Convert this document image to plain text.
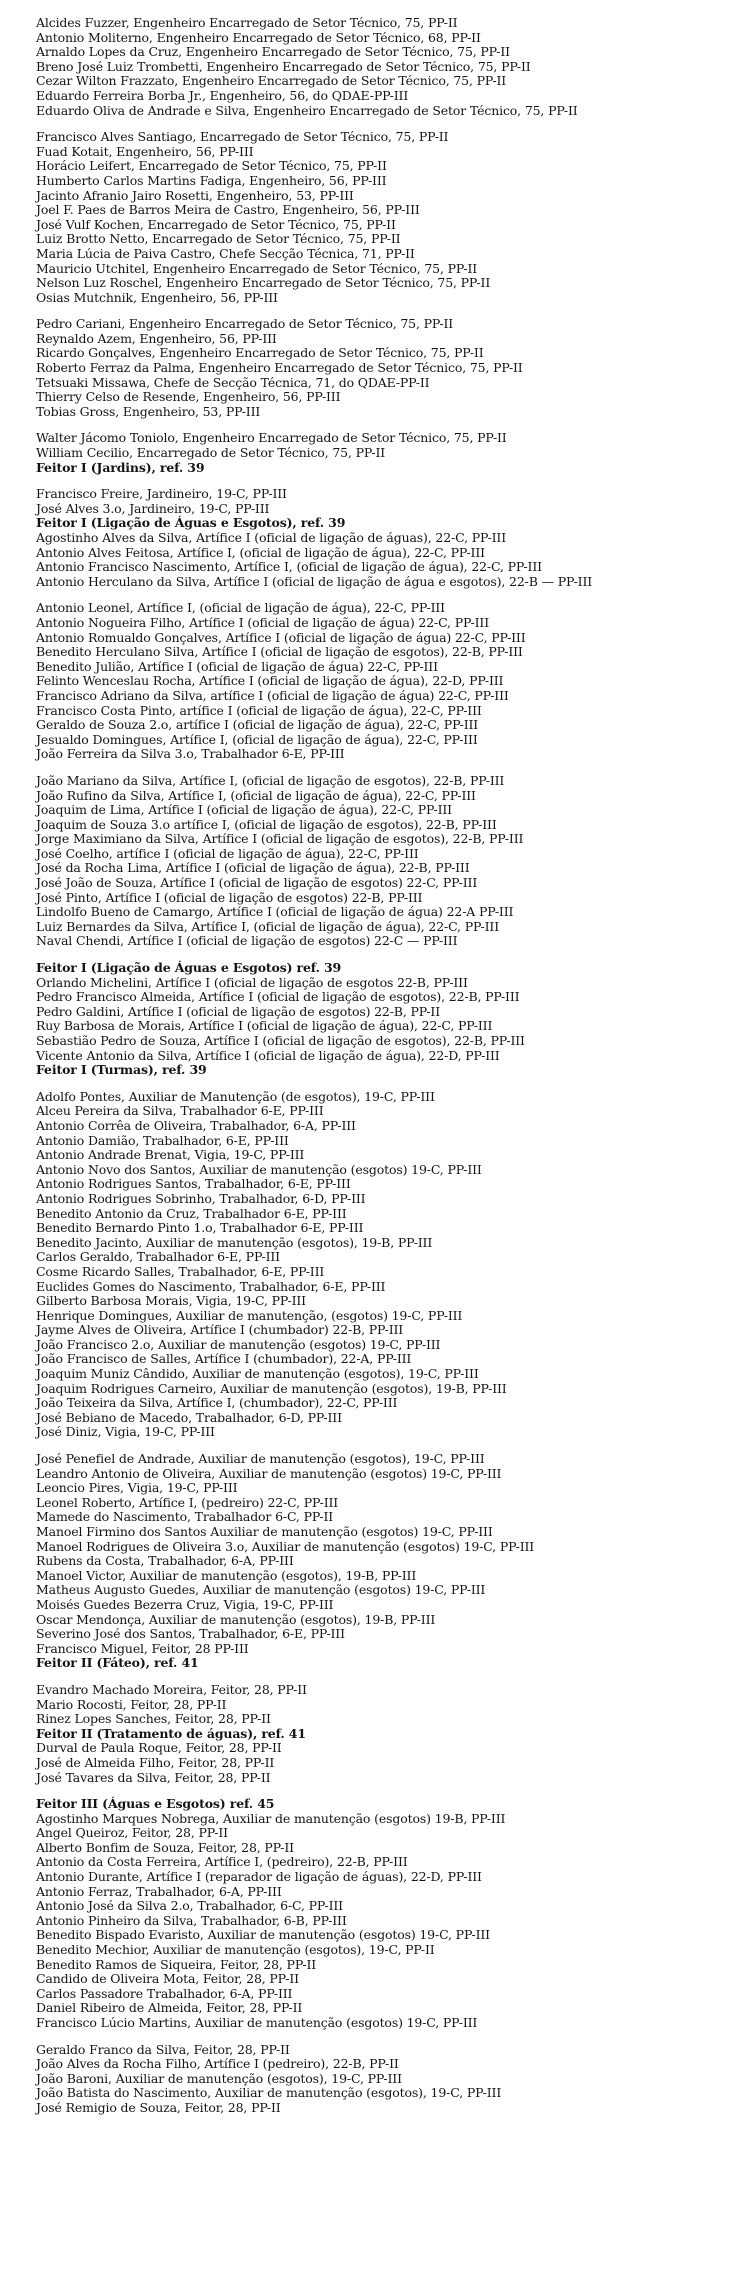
Alcides Fuzzer, Engenheiro Encarregado de Setor Técnico, 75, PP-II
Antonio Moliterno, Engenheiro Encarregado de Setor Técnico, 68, PP-II
Arnaldo Lopes da Cruz, Engenheiro Encarregado de Setor Técnico, 75, PP-II
Breno José Luiz Trombetti, Engenheiro Encarregado de Setor Técnico, 75, PP-II
Cezar Wilton Frazzato, Engenheiro Encarregado de Setor Técnico, 75, PP-II
Eduardo Ferreira Borba Jr., Engenheiro, 56, do QDAE-PP-III
Eduardo Oliva de Andrade e Silva, Engenheiro Encarregado de Setor Técnico, 75, PP-II
Francisco Alves Santiago, Encarregado de Setor Técnico, 75, PP-II
Fuad Kotait, Engenheiro, 56, PP-III
Horácio Leifert, Encarregado de Setor Técnico, 75, PP-II
Humberto Carlos Martins Fadiga, Engenheiro, 56, PP-III
Jacinto Afranio Jairo Rosetti, Engenheiro, 53, PP-III
Joel F. Paes de Barros Meira de Castro, Engenheiro, 56, PP-III
José Vulf Kochen, Encarregado de Setor Técnico, 75, PP-II
Luiz Brotto Netto, Encarregado de Setor Técnico, 75, PP-II
Maria Lúcia de Paiva Castro, Chefe Secção Técnica, 71, PP-II
Mauricio Utchitel, Engenheiro Encarregado de Setor Técnico, 75, PP-II
Nelson Luz Roschel, Engenheiro Encarregado de Setor Técnico, 75, PP-II
Osias Mutchnik, Engenheiro, 56, PP-III
Pedro Cariani, Engenheiro Encarregado de Setor Técnico, 75, PP-II
Reynaldo Azem, Engenheiro, 56, PP-III
Ricardo Gonçalves, Engenheiro Encarregado de Setor Técnico, 75, PP-II
Roberto Ferraz da Palma, Engenheiro Encarregado de Setor Técnico, 75, PP-II
Tetsuaki Missawa, Chefe de Secção Técnica, 71, do QDAE-PP-II
Thierry Celso de Resende, Engenheiro, 56, PP-III
Tobias Gross, Engenheiro, 53, PP-III
Walter Jácomo Toniolo, Engenheiro Encarregado de Setor Técnico, 75, PP-II
William Cecilio, Encarregado de Setor Técnico, 75, PP-II
Feitor I (Jardins), ref. 39
Francisco Freire, Jardineiro, 19-C, PP-III
José Alves 3.o, Jardineiro, 19-C, PP-III
Feitor I (Ligação de Águas e Esgotos), ref. 39
Agostinho Alves da Silva, Artífice I (oficial de ligação de águas), 22-C, PP-III
Antonio Alves Feitosa, Artífice I, (oficial de ligação de água), 22-C, PP-III
Antonio Francisco Nascimento, Artífice I, (oficial de ligação de água), 22-C, PP-III
Antonio Herculano da Silva, Artífice I (oficial de ligação de água e esgotos), 22-B — PP-III
Antonio Leonel, Artífice I, (oficial de ligação de água), 22-C, PP-III
Antonio Nogueira Filho, Artífice I (oficial de ligação de água) 22-C, PP-III
Antonio Romualdo Gonçalves, Artífice I (oficial de ligação de água) 22-C, PP-III
Benedito Herculano Silva, Artífice I (oficial de ligação de esgotos), 22-B, PP-III
Benedito Julião, Artífice I (oficial de ligação de água) 22-C, PP-III
Felinto Wenceslau Rocha, Artífice I (oficial de ligação de água), 22-D, PP-III
Francisco Adriano da Silva, artífice I (oficial de ligação de água) 22-C, PP-III
Francisco Costa Pinto, artífice I (oficial de ligação de água), 22-C, PP-III
Geraldo de Souza 2.o, artífice I (oficial de ligação de água), 22-C, PP-III
Jesualdo Domingues, Artífice I, (oficial de ligação de água), 22-C, PP-III
João Ferreira da Silva 3.o, Trabalhador 6-E, PP-III
João Mariano da Silva, Artífice I, (oficial de ligação de esgotos), 22-B, PP-III
João Rufino da Silva, Artífice I, (oficial de ligação de água), 22-C, PP-III
Joaquim de Lima, Artífice I (oficial de ligação de água), 22-C, PP-III
Joaquim de Souza 3.o artífice I, (oficial de ligação de esgotos), 22-B, PP-III
Jorge Maximiano da Silva, Artífice I (oficial de ligação de esgotos), 22-B, PP-III
José Coelho, artífice I (oficial de ligação de água), 22-C, PP-III
José da Rocha Lima, Artífice I (oficial de ligação de água), 22-B, PP-III
José João de Souza, Artífice I (oficial de ligação de esgotos) 22-C, PP-III
José Pinto, Artífice I (oficial de ligação de esgotos) 22-B, PP-III
Lindolfo Bueno de Camargo, Artífice I (oficial de ligação de água) 22-A PP-III
Luiz Bernardes da Silva, Artífice I, (oficial de ligação de água), 22-C, PP-III
Naval Chendi, Artífice I (oficial de ligação de esgotos) 22-C — PP-III
Feitor I (Ligação de Águas e Esgotos) ref. 39
Orlando Michelini, Artífice I (oficial de ligação de esgotos 22-B, PP-III
Pedro Francisco Almeida, Artífice I (oficial de ligação de esgotos), 22-B, PP-III
Pedro Galdini, Artífice I (oficial de ligação de esgotos) 22-B, PP-II
Ruy Barbosa de Morais, Artífice I (oficial de ligação de água), 22-C, PP-III
Sebastião Pedro de Souza, Artífice I (oficial de ligação de esgotos), 22-B, PP-III
Vicente Antonio da Silva, Artífice I (oficial de ligação de água), 22-D, PP-III
Feitor I (Turmas), ref. 39
Adolfo Pontes, Auxiliar de Manutenção (de esgotos), 19-C, PP-III
Alceu Pereira da Silva, Trabalhador 6-E, PP-III
Antonio Corrêa de Oliveira, Trabalhador, 6-A, PP-III
Antonio Damião, Trabalhador, 6-E, PP-III
Antonio Andrade Brenat, Vigia, 19-C, PP-III
Antonio Novo dos Santos, Auxiliar de manutenção (esgotos) 19-C, PP-III
Antonio Rodrigues Santos, Trabalhador, 6-E, PP-III
Antonio Rodrigues Sobrinho, Trabalhador, 6-D, PP-III
Benedito Antonio da Cruz, Trabalhador 6-E, PP-III
Benedito Bernardo Pinto 1.o, Trabalhador 6-E, PP-III
Benedito Jacinto, Auxiliar de manutenção (esgotos), 19-B, PP-III
Carlos Geraldo, Trabalhador 6-E, PP-III
Cosme Ricardo Salles, Trabalhador, 6-E, PP-III
Euclides Gomes do Nascimento, Trabalhador, 6-E, PP-III
Gilberto Barbosa Morais, Vigia, 19-C, PP-III
Henrique Domingues, Auxiliar de manutenção, (esgotos) 19-C, PP-III
Jayme Alves de Oliveira, Artífice I (chumbador) 22-B, PP-III
João Francisco 2.o, Auxiliar de manutenção (esgotos) 19-C, PP-III
João Francisco de Salles, Artífice I (chumbador), 22-A, PP-III
Joaquim Muniz Cândido, Auxiliar de manutenção (esgotos), 19-C, PP-III
Joaquim Rodrigues Carneiro, Auxiliar de manutenção (esgotos), 19-B, PP-III
João Teixeira da Silva, Artífice I, (chumbador), 22-C, PP-III
José Bebiano de Macedo, Trabalhador, 6-D, PP-III
José Diniz, Vigia, 19-C, PP-III
José Penefiel de Andrade, Auxiliar de manutenção (esgotos), 19-C, PP-III
Leandro Antonio de Oliveira, Auxiliar de manutenção (esgotos) 19-C, PP-III
Leoncio Pires, Vigia, 19-C, PP-III
Leonel Roberto, Artífice I, (pedreiro) 22-C, PP-III
Mamede do Nascimento, Trabalhador 6-C, PP-II
Manoel Firmino dos Santos Auxiliar de manutenção (esgotos) 19-C, PP-III
Manoel Rodrigues de Oliveira 3.o, Auxiliar de manutenção (esgotos) 19-C, PP-III
Rubens da Costa, Trabalhador, 6-A, PP-III
Manoel Victor, Auxiliar de manutenção (esgotos), 19-B, PP-III
Matheus Augusto Guedes, Auxiliar de manutenção (esgotos) 19-C, PP-III
Moisés Guedes Bezerra Cruz, Vigia, 19-C, PP-III
Oscar Mendonça, Auxiliar de manutenção (esgotos), 19-B, PP-III
Severino José dos Santos, Trabalhador, 6-E, PP-III
Francisco Miguel, Feitor, 28 PP-III
Feitor II (Fáteo), ref. 41
Evandro Machado Moreira, Feitor, 28, PP-II
Mario Rocosti, Feitor, 28, PP-II
Rinez Lopes Sanches, Feitor, 28, PP-II
Feitor II (Tratamento de águas), ref. 41
Durval de Paula Roque, Feitor, 28, PP-II
José de Almeida Filho, Feitor, 28, PP-II
José Tavares da Silva, Feitor, 28, PP-II
Feitor III (Águas e Esgotos) ref. 45
Agostinho Marques Nobrega, Auxiliar de manutenção (esgotos) 19-B, PP-III
Angel Queiroz, Feitor, 28, PP-II
Alberto Bonfim de Souza, Feitor, 28, PP-II
Antonio da Costa Ferreira, Artífice I, (pedreiro), 22-B, PP-III
Antonio Durante, Artífice I (reparador de ligação de águas), 22-D, PP-III
Antonio Ferraz, Trabalhador, 6-A, PP-III
Antonio José da Silva 2.o, Trabalhador, 6-C, PP-III
Antonio Pinheiro da Silva, Trabalhador, 6-B, PP-III
Benedito Bispado Evaristo, Auxiliar de manutenção (esgotos) 19-C, PP-III
Benedito Mechior, Auxiliar de manutenção (esgotos), 19-C, PP-II
Benedito Ramos de Siqueira, Feitor, 28, PP-II
Candido de Oliveira Mota, Feitor, 28, PP-II
Carlos Passadore Trabalhador, 6-A, PP-III
Daniel Ribeiro de Almeida, Feitor, 28, PP-II
Francisco Lúcio Martins, Auxiliar de manutenção (esgotos) 19-C, PP-III
Geraldo Franco da Silva, Feitor, 28, PP-II
João Alves da Rocha Filho, Artífice I (pedreiro), 22-B, PP-II
João Baroni, Auxiliar de manutenção (esgotos), 19-C, PP-III
João Batista do Nascimento, Auxiliar de manutenção (esgotos), 19-C, PP-III
José Remigio de Souza, Feitor, 28, PP-II
